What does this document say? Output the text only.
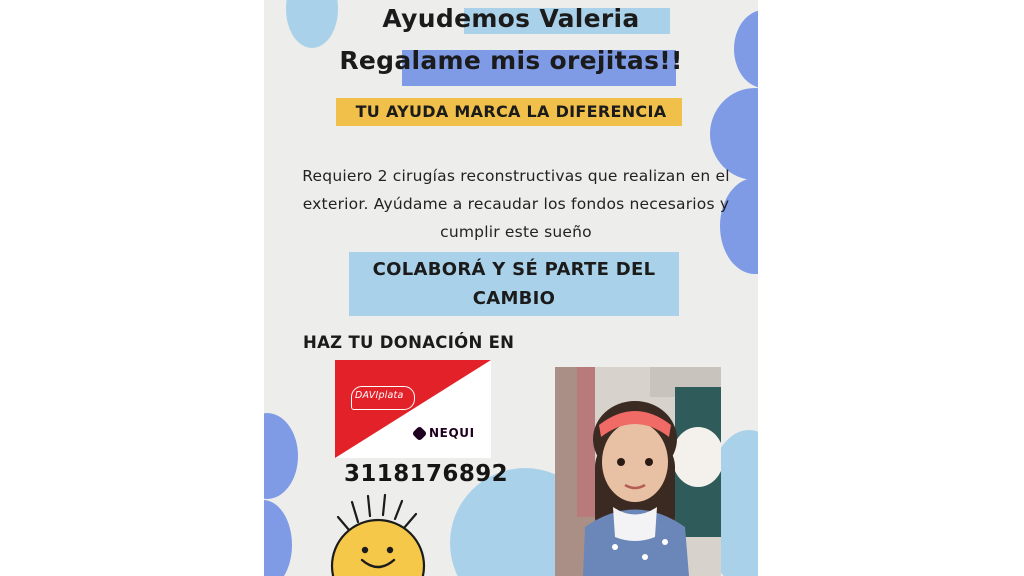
Ayudemos Valeria
Regalame mis orejitas!!
TU AYUDA MARCA LA DIFERENCIA
Requiero 2 cirugías reconstructivas que realizan en el exterior. Ayúdame a recaudar los fondos necesarios y cumplir este sueño
COLABORÁ Y SÉ PARTE DEL
CAMBIO
HAZ TU DONACIÓN EN
DAVIplata
NEQUI
3118176892
